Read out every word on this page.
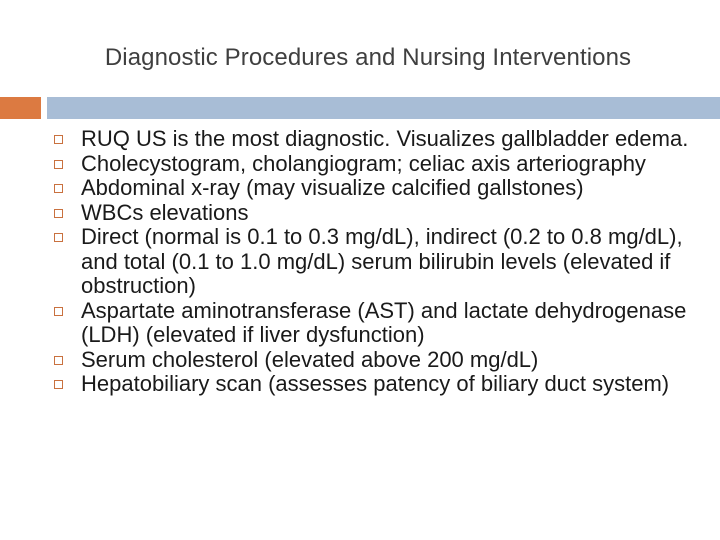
Diagnostic Procedures and Nursing Interventions
RUQ US is the most diagnostic. Visualizes gallbladder edema.
Cholecystogram, cholangiogram; celiac axis arteriography
Abdominal x-ray (may visualize calcified gallstones)
WBCs elevations
Direct (normal is 0.1 to 0.3 mg/dL), indirect (0.2 to 0.8 mg/dL), and total (0.1 to 1.0 mg/dL) serum bilirubin levels (elevated if obstruction)
Aspartate aminotransferase (AST) and lactate dehydrogenase (LDH) (elevated if liver dysfunction)
Serum cholesterol (elevated above 200 mg/dL)
Hepatobiliary scan (assesses patency of biliary duct system)
